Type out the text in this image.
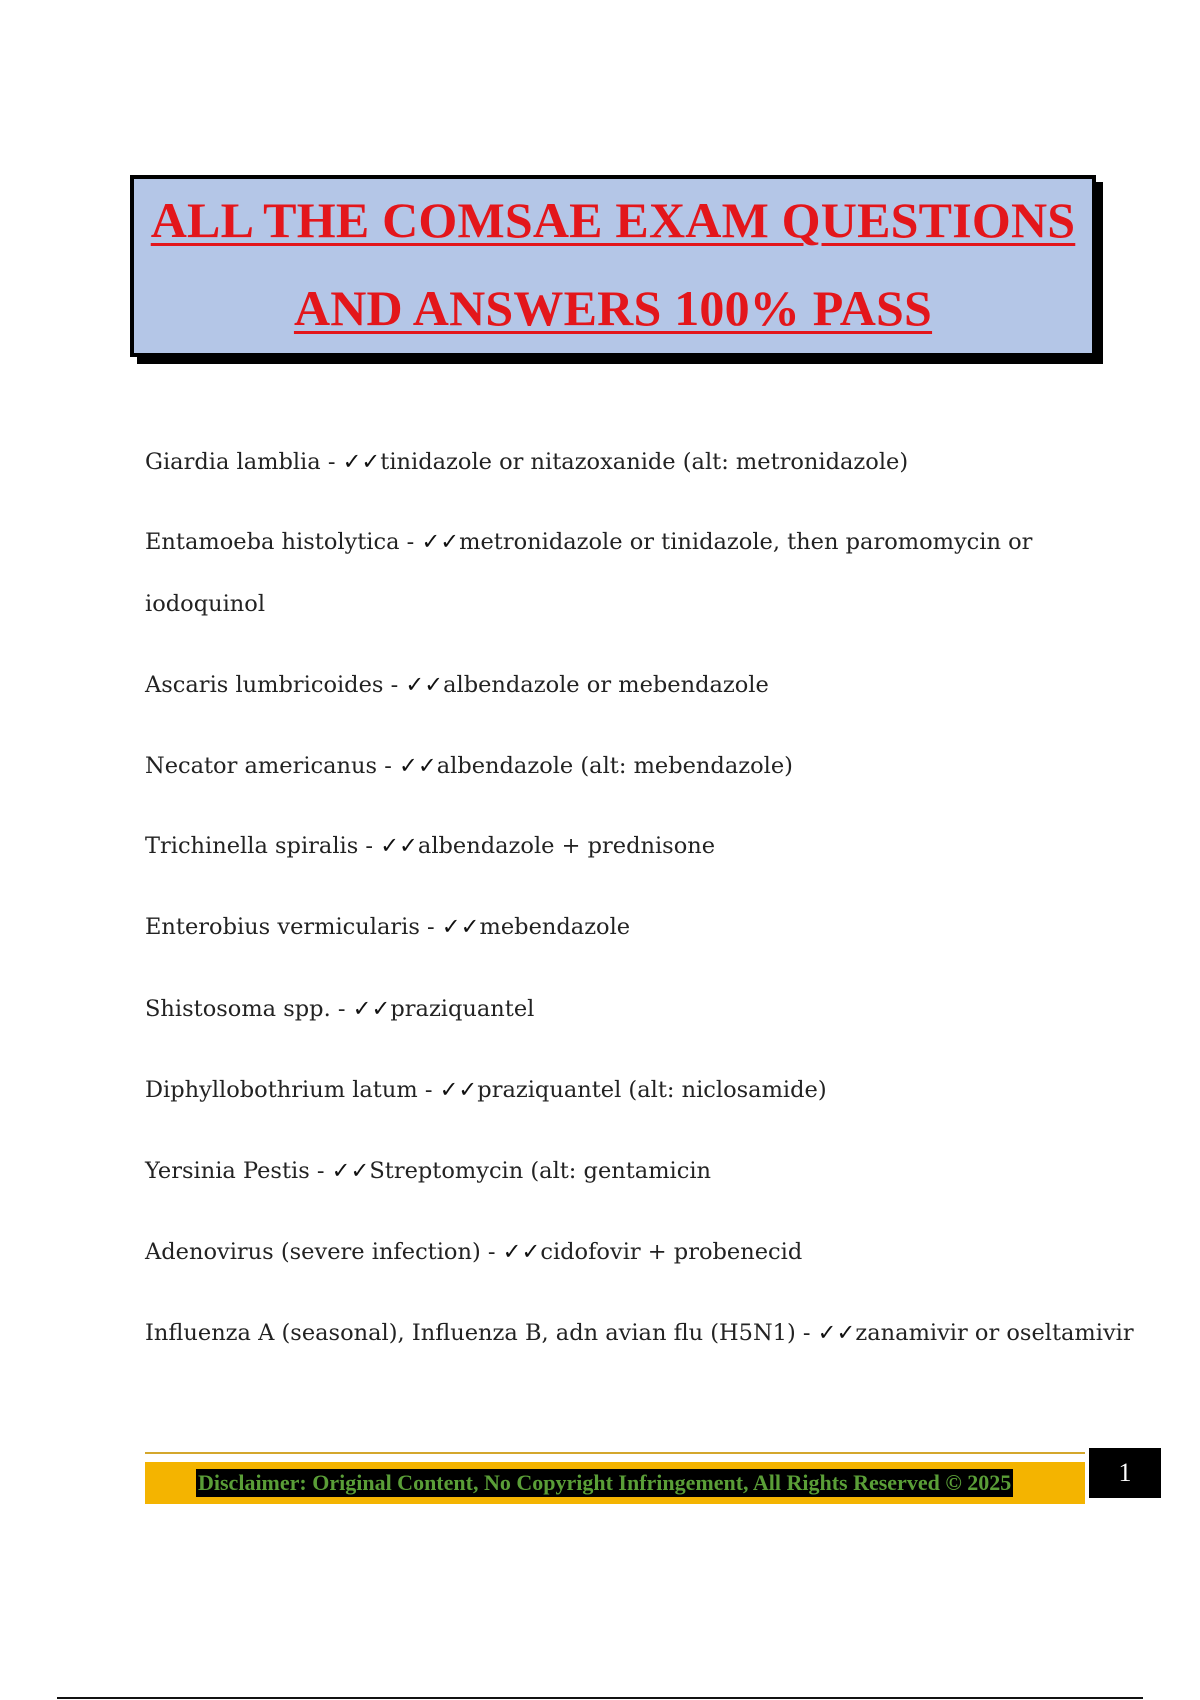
ALL THE COMSAE EXAM QUESTIONS
AND ANSWERS 100% PASS
Giardia lamblia - ✓✓tinidazole or nitazoxanide (alt: metronidazole)
Entamoeba histolytica - ✓✓metronidazole or tinidazole, then paromomycin or
iodoquinol
Ascaris lumbricoides - ✓✓albendazole or mebendazole
Necator americanus - ✓✓albendazole (alt: mebendazole)
Trichinella spiralis - ✓✓albendazole + prednisone
Enterobius vermicularis - ✓✓mebendazole
Shistosoma spp. - ✓✓praziquantel
Diphyllobothrium latum - ✓✓praziquantel (alt: niclosamide)
Yersinia Pestis - ✓✓Streptomycin (alt: gentamicin
Adenovirus (severe infection) - ✓✓cidofovir + probenecid
Influenza A (seasonal), Influenza B, adn avian flu (H5N1) - ✓✓zanamivir or oseltamivir
Disclaimer: Original Content, No Copyright Infringement, All Rights Reserved © 2025	1
